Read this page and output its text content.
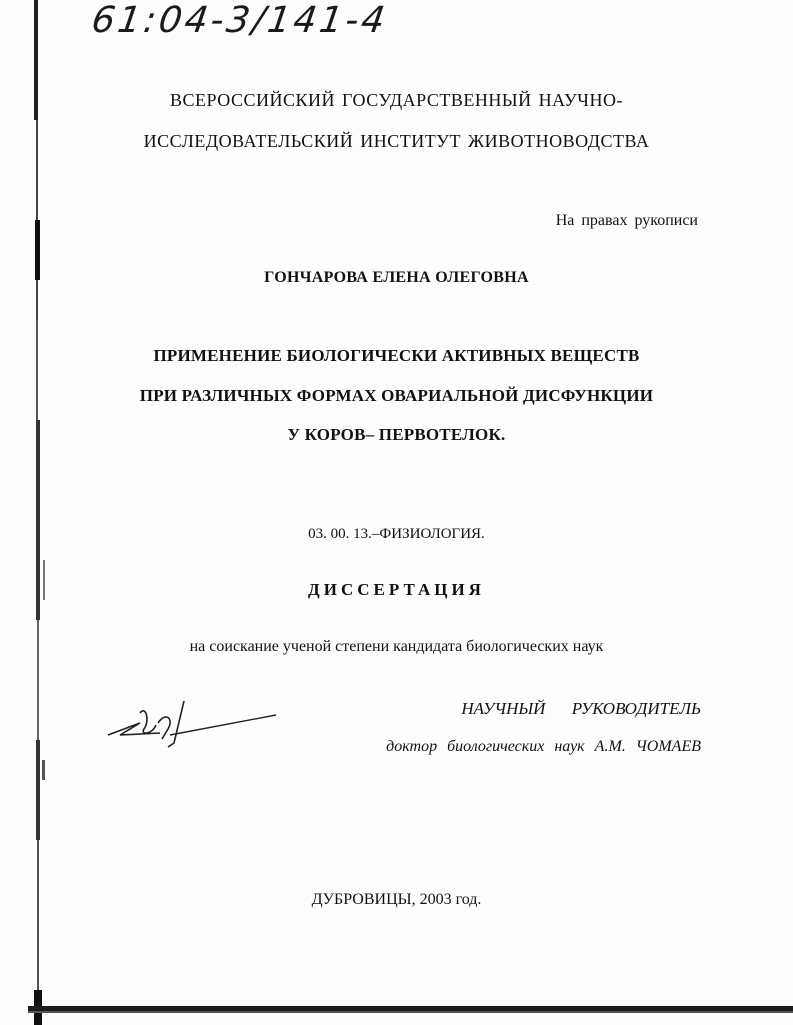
61:04-3/141-4
ВСЕРОССИЙСКИЙ ГОСУДАРСТВЕННЫЙ НАУЧНО-
ИССЛЕДОВАТЕЛЬСКИЙ ИНСТИТУТ ЖИВОТНОВОДСТВА
На правах рукописи
ГОНЧАРОВА ЕЛЕНА ОЛЕГОВНА
ПРИМЕНЕНИЕ БИОЛОГИЧЕСКИ АКТИВНЫХ ВЕЩЕСТВ
ПРИ РАЗЛИЧНЫХ ФОРМАХ ОВАРИАЛЬНОЙ ДИСФУНКЦИИ
У КОРОВ– ПЕРВОТЕЛОК.
03. 00. 13.–ФИЗИОЛОГИЯ.
ДИССЕРТАЦИЯ
на соискание ученой степени кандидата биологических наук
НАУЧНЫЙ РУКОВОДИТЕЛЬ
доктор биологических наук А.М. ЧОМАЕВ
ДУБРОВИЦЫ, 2003 год.
